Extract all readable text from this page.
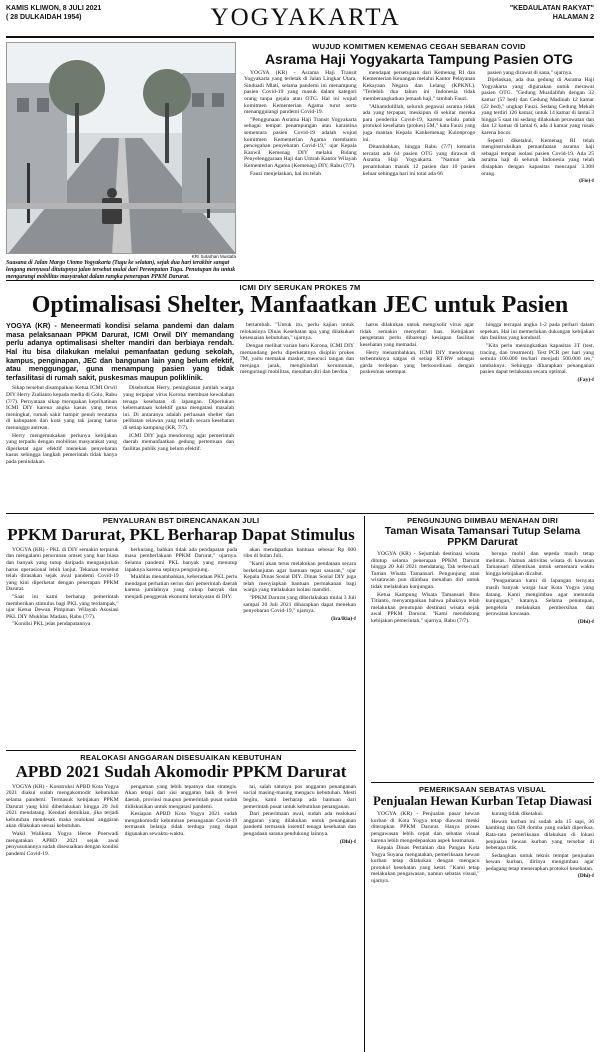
KAMIS KLIWON, 8 JULI 2021
( 28 DULKAIDAH 1954)	YOGYAKARTA	"KEDAULATAN RAKYAT"
HALAMAN 2
KR/ Sutarhan Mustafa
Suasana di Jalan Margo Utomo Yogyakarta (Tugu ke selatan), sejak dua hari terakhir sangat lengang menyusul ditutupnya jalan tersebut mulai dari Perempatan Tugu. Penutupan itu untuk mengurangi mobilitas masyarakat dalam rangka penerapan PPKM Darurat.
WUJUD KOMITMEN KEMENAG CEGAH SEBARAN COVID
Asrama Haji Yogyakarta Tampung Pasien OTG

YOGYA (KR) - Asrama Haji Transit Yogyakarta yang terletak di Jalan Lingkar Utara, Sinduadi Mlati, selama pandemi ini menampung pasien Covid-19 yang masuk dalam kategori orang tanpa gejala atau OTG. Hal ini wujud komitmen Kementerian Agama turut serta menanggulangi pandemi Covid-19.

"Penggunaan Asrama Haji Transit Yogyakarta sebagai tempat penampungan atau karantina sementara pasien Covid-19 adalah wujud komitmen Kementerian Agama membantu pencegahan penyebaran Covid-19," ujar Kepala Kanwil Kemenag DIY melalui Bidang Penyelenggaraan Haji dan Umrah Kantor Wilayah Kementerian Agama (Kemenag) DIY, Rabu (7/7).

Fauzi menjelaskan, hal itu telah

mendapat persetujuan dari Kemenag RI dan Kementerian Keuangan melalui Kantor Pelayanan Kekayaan Negara dan Lelang (KPKNL). "Terlebih dua tahun ini Indonesia tidak memberangkatkan jemaah haji," tambah Fauzi.

"Alhamdulillah, seluruh pegawai asrama tidak ada yang terpapar, meskipun di sekitar mereka para penderita Covid-19, karena selalu patuh protokol kesehatan (prokes) 5M," kata Fauzi yang juga mantan Kepala Kankemenag Kulonprogo ini.

Ditambahkan, hingga Rabu (7/7) kemarin tercatat ada 64 pasien OTG yang dirawat di Asrama Haji Yogyakarta. "Namun ada penambahan masuk 12 pasien dan 10 pasien keluar sehingga hari ini total ada 66

pasien yang dirawat di sana," ujarnya.

Dijelaskan, ada dua gedung di Asrama Haji Yogyakarta yang digunakan untuk merawat pasien OTG. "Gedung Muzdalifah dengan 32 kamar (57 bed) dan Gedung Madinah 12 kamar (22 bed)," ungkap Fauzi. Sedang Gedung Mekah yang terdiri 126 kamar, untuk 14 kamar di lantai 3 hingga 5 saat ini sedang dilakukan perawatan dan dan 12 kamar di lantai 6, ada 4 kamar yang rusak karena bocor.

Seperti diketahui, Kemenag RI telah menginstruksikan pemanfaatan asrama haji sebagai tempat isolasi pasien Covid-19. Ada 25 asrama haji di seluruh Indonesia yang telah disiapkan dengan kapasitas mencapai 3.308 orang.

(Fie)-f
ICMI DIY SERUKAN PROKES 7M
Optimalisasi Shelter, Manfaatkan JEC untuk Pasien
YOGYA (KR) - Meneermati kondisi selama pandemi dan dalam masa pelaksanaan PPKM Darurat, ICMI Orwil DIY memandang perlu adanya optimalisasi shelter mandiri dan berbiaya rendah. Hal itu bisa dilakukan melalui pemanfaatan gedung sekolah, kampus, penginapan, JEC dan bangunan lain yang belum efektif, atau menggunggar, guna menampung pasien yang tidak terfasilitasi di rumah sakit, puskesmas maupun poliklinik.

Sikap tersebut disampaikan Ketua ICMI Orwil DIY Herry Zudianto kepada media di Golo, Rabu (7/7). Pernyataan sikap merupakan keprihatinan ICMI DIY karena angka kasus yang terus meningkat, rumah sakit hampir penuh terutama di kabupaten dan kota yang tak jarang harus menunggu antrean.

Herry mengemukakan perlunya kebijakan yang terpadu dengan mobilitas masyarakat yang diperketat agar efektif menekan penyebaran kasus sehingga langkah pemerintah tidak hanya pada penindakan.

Disebutkan Herry, peningkatan jumlah warga yang terpapar virus Korona membuat kewalahan tenaga kesehatan di lapangan. Diperlukan kebersamaan kolektif guna mengatasi masalah ini. Di antaranya adalah perluasan shelter dan pelibatan relawan yang terlatih secara kesehatan di setiap kampung (KR, 7/7).

ICMI DIY juga mendorong agar pemerintah daerah memanfaatkan gedung pertemuan dan fasilitas publik yang belum efektif.

bertambah. "Untuk itu, perlu kajian untuk relokasinya Dinas Kesehatan apa yang dilakukan kesesuaian kebutuhan," ujarnya.

Dengan melihat varian baru Korona, ICMI DIY memandang perlu diperketatnya disiplin prokes 7M, yaitu memakai masker, mencuci tangan dan menjaga jarak, menghindari kerumunan, mengurangi mobilitas, menahan diri dan berdoa.

harus dilakukan untuk mengisolir virus agar tidak semakin menyebar luas. Kebijakan pengetatan perlu dibarengi kesiapan fasilitas kesehatan yang memadai.

Herry menambahkan, ICMI DIY mendorong terbentuknya satgas di setiap RT/RW sebagai garda terdepan yang berkoordinasi dengan puskesmas setempat.

hingga tercapai angka 1-2 pada perhari dalam sepekan. Hal ini memerlukan dukungan kebijakan dan fasilitas yang kondusif.

"Kita perlu meningkatkan kapasitas 3T (test, tracing, dan treatment). Test PCR per hari yang semula 100.000 tes/hari menjadi 500.000 tes," tambahnya. Sehingga diharapkan penanganan pasien dapat terlaksana secara optimal.

(Fay)-f
PENYALURAN BST DIRENCANAKAN JULI
PPKM Darurat, PKL Berharap Dapat Stimulus

YOGYA (KR) - PKL di DIY semakin terpuruk dan mengalami penurunan omset yang luar biasa dan banyak yang tutup daripada menganjurkan harus operasional lebih lanjut. Tekanan tersebut telah dirasakan sejak awal pandemi Covid-19 yang kini diperketat dengan penerapan PPKM Darurat.

"Saat ini kami berharap pemerintah memberikan stimulus bagi PKL yang terdampak," ujar Ketua Dewan Pimpinan Wilayah Asosiasi PKL DIY Mukhlas Madani, Rabu (7/7).

"Kondisi PKL jelas pendapatannya

berkurang, bahkan tidak ada pendapatan pada masa pemberlakuan PPKM Darurat," ujarnya. Selama pandemi PKL banyak yang menutup lapaknya karena sepinya pengunjung.

Mukhlas menambahkan, keberadaan PKL perlu mendapat perhatian serius dari pemerintah daerah karena jumlahnya yang cukup banyak dan menjadi penggerak ekonomi kerakyatan di DIY.

akan mendapatkan bantuan sebesar Rp 600 ribu di bulan Juli.

"Kami akan terus melakukan pendataan secara berkelanjutan agar bantuan tepat sasaran," ujar Kepala Dinas Sosial DIY. Dinas Sosial DIY juga telah menyiapkan bantuan permakanan bagi warga yang melakukan isolasi mandiri.

"PPKM Darurat yang diberlakukan mulai 3 Juli sampai 20 Juli 2021 diharapkan dapat menekan penyebaran Covid-19," ujarnya.

(Ira/Ria)-f
REALOKASI ANGGARAN DISESUAIKAN KEBUTUHAN
APBD 2021 Sudah Akomodir PPKM Darurat

YOGYA (KR) - Konstruksi APBD Kota Yogya 2021 diakui sudah mengakomodir kebutuhan selama pandemi. Termasuk kebijakan PPKM Darurat yang kini diberlakukan hingga 20 Juli 2021 mendatang. Kendati demikian, jika terjadi kebutuhan mendesak maka realokasi anggaran akan dilakukan sesuai kebutuhan.

Wakil Walikota Yogya Heroe Poerwadi mengatakan APBD 2021 sejak awal penyusunannya sudah disesuaikan dengan kondisi pandemi Covid-19.

pengaman yang lebih tepatnya dan strategis. Akan tetapi dari sisi anggaran baik di level daerah, provinsi maupun pemerintah pusat sudah didiskusikan untuk mengatasi pandemi.

Kesiapan APBD Kota Yogya 2021 sudah mengakomodir kebutuhan penanganan Covid-19 termasuk belanja tidak terduga yang dapat digunakan sewaktu-waktu.

tai, salah satunya pos anggaran penanganan social masing-masing mengacu kebutuhan. Mesti begitu, kami berharap ada bantuan dari pemerintah pusat untuk kebutuhan penanganan.

Dari penerimaan awal, sudah ada realokasi anggaran yang dilakukan untuk penanganan pandemi termasuk insentif tenaga kesehatan dan pengadaan sarana pendukung lainnya.

(Dhi)-f
PENGUNJUNG DIIMBAU MENAHAN DIRI
Taman Wisata Tamansari Tutup Selama PPKM Darurat

YOGYA (KR) - Sejumlah destinasi wisata ditutup selama penerapan PPKM Darurat hingga 20 Juli 2021 mendatang. Tak terkecuali Taman Wisata Tamansari. Pengunjung atau wisatawan pun diimbau menahan diri untuk tidak melakukan kunjungan.

Ketua Kampung Wisata Tamansari Ibnu Titianto, menyampaikan bahwa pihaknya telah melakukan penutupan destinasi wisata sejak awal PPKM Darurat. "Kami mendukung kebijakan pemerintah," ujarnya, Rabu (7/7).

berupa mobil dan sepeda masih tetap melintas. Namun aktivitas wisata di kawasan Tamansari dihentikan untuk sementara waktu hingga kebijakan dicabut.

"Pengamatan kami di lapangan ternyata masih banyak warga luar Kota Yogya yang datang. Kami mengimbau agar menunda kunjungan," katanya. Selama penutupan, pengelola melakukan pembersihan dan perawatan kawasan.

(Dhi)-f
PEMERIKSAAN SEBATAS VISUAL
Penjualan Hewan Kurban Tetap Diawasi

YOGYA (KR) - Penjualan pasar hewan kurban di Kota Yogya tetap diawasi meski diterapkan PPKM Darurat. Hanya proses pengawasan lebih cepat dan sebatas visual karena lebih mengedepankan aspek keamanan.

Kepala Dinas Pertanian dan Pangan Kota Yogya Suyana mengatakan, pemeriksaan hewan kurban tetap dilakukan dengan mengacu protokol kesehatan yang ketat. "Kami tetap melakukan pengawasan, namun sebatas visual," ujarnya.

kurang tidak diketahui.

Hewan kurban ini sudah ada 15 sapi, 36 kambing dan 628 domba yang sudah diperiksa. Rata-rata pemeriksaan dilakukan di lokasi penjualan hewan kurban yang tersebar di beberapa titik.

Sedangkan untuk teknis tempat penjualan hewan kurban, dirinya mengimbau agar pedagang tetap menerapkan protokol kesehatan.

(Dhi)-f
